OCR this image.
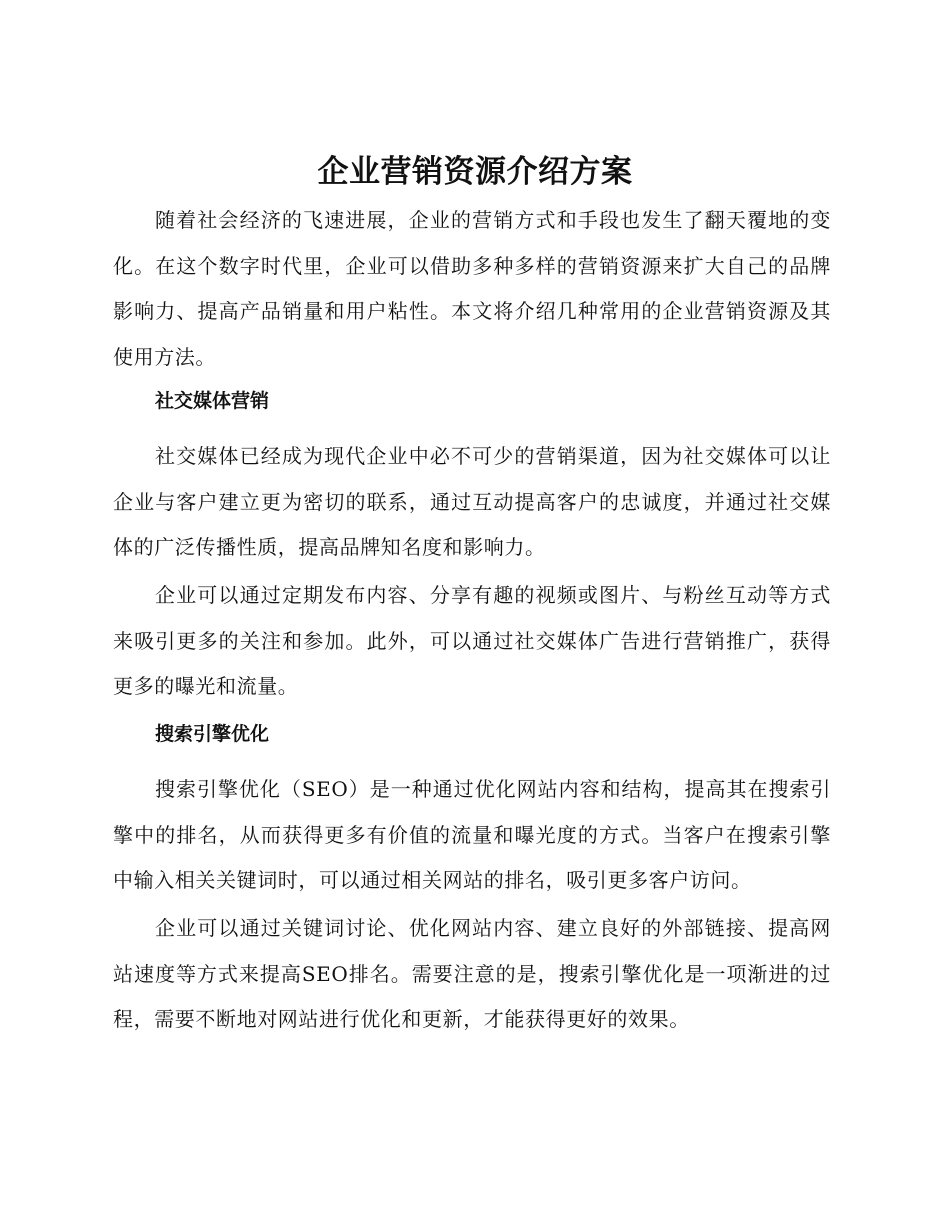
企业营销资源介绍方案

随着社会经济的飞速进展，企业的营销方式和手段也发生了翻天覆地的变化。在这个数字时代里，企业可以借助多种多样的营销资源来扩大自己的品牌影响力、提高产品销量和用户粘性。本文将介绍几种常用的企业营销资源及其使用方法。

社交媒体营销

社交媒体已经成为现代企业中必不可少的营销渠道，因为社交媒体可以让企业与客户建立更为密切的联系，通过互动提高客户的忠诚度，并通过社交媒体的广泛传播性质，提高品牌知名度和影响力。

企业可以通过定期发布内容、分享有趣的视频或图片、与粉丝互动等方式来吸引更多的关注和参加。此外，可以通过社交媒体广告进行营销推广，获得更多的曝光和流量。

搜索引擎优化

搜索引擎优化（SEO）是一种通过优化网站内容和结构，提高其在搜索引擎中的排名，从而获得更多有价值的流量和曝光度的方式。当客户在搜索引擎中输入相关关键词时，可以通过相关网站的排名，吸引更多客户访问。

企业可以通过关键词讨论、优化网站内容、建立良好的外部链接、提高网站速度等方式来提高SEO排名。需要注意的是，搜索引擎优化是一项渐进的过程，需要不断地对网站进行优化和更新，才能获得更好的效果。
